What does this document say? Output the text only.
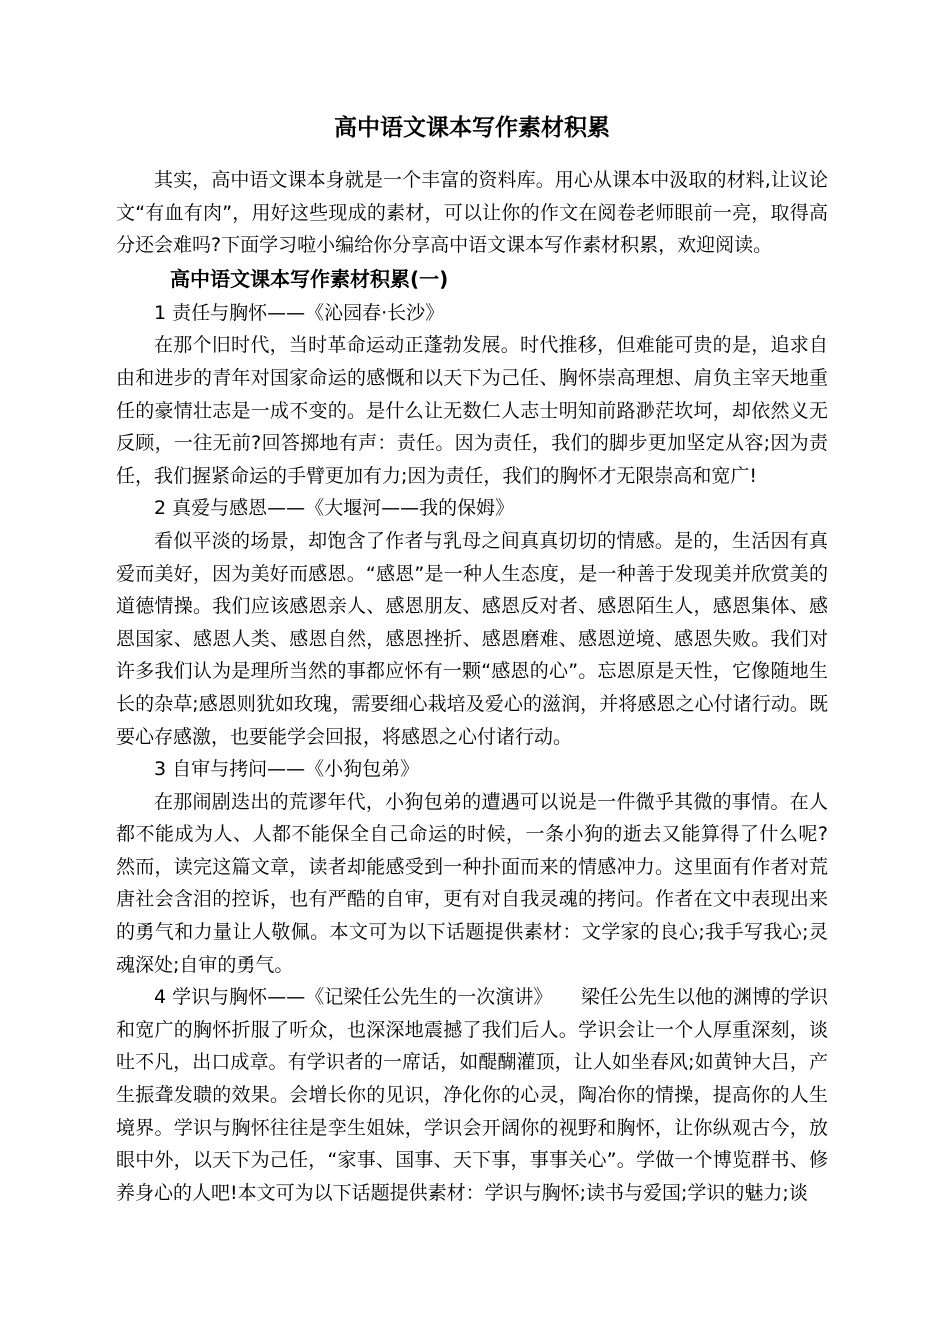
高中语文课本写作素材积累

其实，高中语文课本身就是一个丰富的资料库。用心从课本中汲取的材料,让议论文“有血有肉”，用好这些现成的素材，可以让你的作文在阅卷老师眼前一亮，取得高分还会难吗?下面学习啦小编给你分享高中语文课本写作素材积累，欢迎阅读。

高中语文课本写作素材积累(一)
1 责任与胸怀——《沁园春·长沙》

在那个旧时代，当时革命运动正蓬勃发展。时代推移，但难能可贵的是，追求自由和进步的青年对国家命运的感慨和以天下为己任、胸怀崇高理想、肩负主宰天地重任的豪情壮志是一成不变的。是什么让无数仁人志士明知前路渺茫坎坷，却依然义无反顾，一往无前?回答掷地有声：责任。因为责任，我们的脚步更加坚定从容;因为责任，我们握紧命运的手臂更加有力;因为责任，我们的胸怀才无限崇高和宽广!

2 真爱与感恩——《大堰河——我的保姆》

看似平淡的场景，却饱含了作者与乳母之间真真切切的情感。是的，生活因有真爱而美好，因为美好而感恩。“感恩”是一种人生态度，是一种善于发现美并欣赏美的道德情操。我们应该感恩亲人、感恩朋友、感恩反对者、感恩陌生人，感恩集体、感恩国家、感恩人类、感恩自然，感恩挫折、感恩磨难、感恩逆境、感恩失败。我们对许多我们认为是理所当然的事都应怀有一颗“感恩的心”。忘恩原是天性，它像随地生长的杂草;感恩则犹如玫瑰，需要细心栽培及爱心的滋润，并将感恩之心付诸行动。既要心存感激，也要能学会回报，将感恩之心付诸行动。

3 自审与拷问——《小狗包弟》

在那闹剧迭出的荒谬年代，小狗包弟的遭遇可以说是一件微乎其微的事情。在人都不能成为人、人都不能保全自己命运的时候，一条小狗的逝去又能算得了什么呢?然而，读完这篇文章，读者却能感受到一种扑面而来的情感冲力。这里面有作者对荒唐社会含泪的控诉，也有严酷的自审，更有对自我灵魂的拷问。作者在文中表现出来的勇气和力量让人敬佩。本文可为以下话题提供素材：文学家的良心;我手写我心;灵魂深处;自审的勇气。

4 学识与胸怀——《记梁任公先生的一次演讲》　　梁任公先生以他的渊博的学识和宽广的胸怀折服了听众，也深深地震撼了我们后人。学识会让一个人厚重深刻，谈吐不凡，出口成章。有学识者的一席话，如醍醐灌顶，让人如坐春风;如黄钟大吕，产生振聋发聩的效果。会增长你的见识，净化你的心灵，陶冶你的情操，提高你的人生境界。学识与胸怀往往是孪生姐妹，学识会开阔你的视野和胸怀，让你纵观古今，放眼中外，以天下为己任，“家事、国事、天下事，事事关心”。学做一个博览群书、修养身心的人吧!本文可为以下话题提供素材：学识与胸怀;读书与爱国;学识的魅力;谈
